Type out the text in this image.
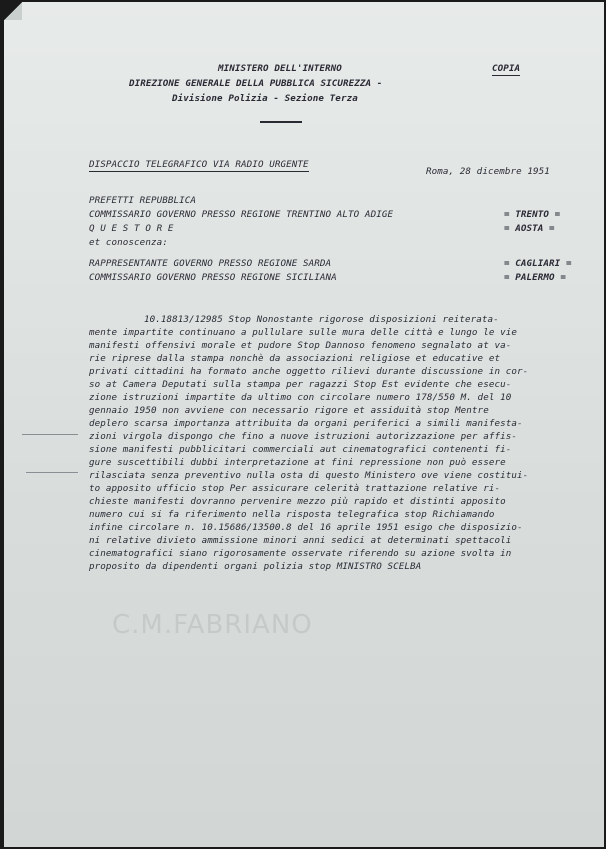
MINISTERO DELL'INTERNO	COPIA
DIREZIONE GENERALE DELLA PUBBLICA SICUREZZA -
Divisione Polizia - Sezione Terza
DISPACCIO TELEGRAFICO VIA RADIO URGENTE
Roma, 28 dicembre 1951
PREFETTI REPUBBLICA
COMMISSARIO GOVERNO PRESSO REGIONE TRENTINO ALTO ADIGE	= TRENTO =
Q U E S T O R E	= AOSTA =
et conoscenza:
RAPPRESENTANTE GOVERNO PRESSO REGIONE SARDA	= CAGLIARI =
COMMISSARIO GOVERNO PRESSO REGIONE SICILIANA	= PALERMO =
10.18813/12985 Stop Nonostante rigorose disposizioni reiterata-
mente impartite continuano a pullulare sulle mura delle città e lungo le vie
manifesti offensivi morale et pudore Stop Dannoso fenomeno segnalato at va-
rie riprese dalla stampa nonchè da associazioni religiose et educative et
privati cittadini ha formato anche oggetto rilievi durante discussione in cor-
so at Camera Deputati sulla stampa per ragazzi Stop Est evidente che esecu-
zione istruzioni impartite da ultimo con circolare numero 178/550 M. del 10
gennaio 1950 non avviene con necessario rigore et assiduità stop Mentre
deplero scarsa importanza attribuita da organi periferici a simili manifesta-
zioni virgola dispongo che fino a nuove istruzioni autorizzazione per affis-
sione manifesti pubblicitari commerciali aut cinematografici contenenti fi-
gure suscettibili dubbi interpretazione at fini repressione non può essere
rilasciata senza preventivo nulla osta di questo Ministero ove viene costitui-
to apposito ufficio stop Per assicurare celerità trattazione relative ri-
chieste manifesti dovranno pervenire mezzo più rapido et distinti apposito
numero cui si fa riferimento nella risposta telegrafica stop Richiamando
infine circolare n. 10.15686/13500.8 del 16 aprile 1951 esigo che disposizio-
ni relative divieto ammissione minori anni sedici at determinati spettacoli
cinematografici siano rigorosamente osservate riferendo su azione svolta in
proposito da dipendenti organi polizia stop MINISTRO SCELBA
C.M.FABRIANO
